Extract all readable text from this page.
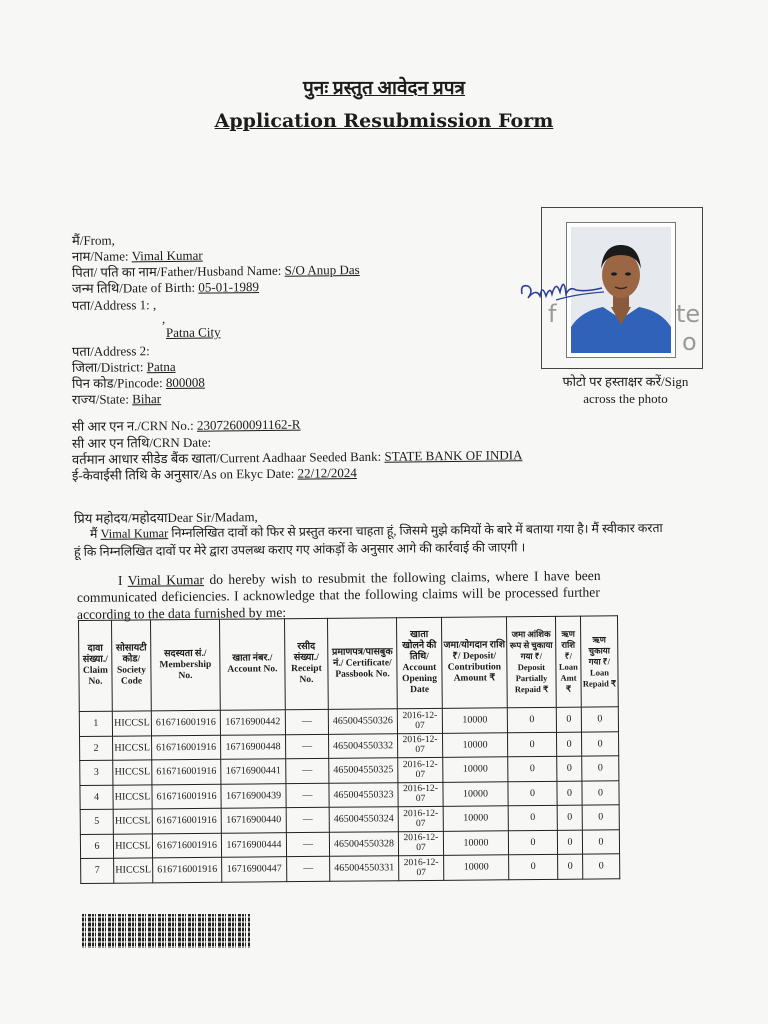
पुनः प्रस्तुत आवेदन प्रपत्र
Application Resubmission Form
मैं/From,
नाम/Name: Vimal Kumar
पिता/ पति का नाम/Father/Husband Name: S/O Anup Das
जन्म तिथि/Date of Birth: 05-01-1989
पता/Address 1: ,
,
Patna City
पता/Address 2:
जिला/District: Patna
पिन कोड/Pincode: 800008
राज्य/State: Bihar
सी आर एन न./CRN No.: 23072600091162-R
सी आर एन तिथि/CRN Date:
वर्तमान आधार सीडेड बैंक खाता/Current Aadhaar Seeded Bank: STATE BANK OF INDIA
ई-केवाईसी तिथि के अनुसार/As on Ekyc Date: 22/12/2024
f	te
o
फोटो पर हस्ताक्षर करें/Sign
across the photo
प्रिय महोदय/महोदयाDear Sir/Madam,
मैं Vimal Kumar निम्नलिखित दावों को फिर से प्रस्तुत करना चाहता हूं, जिसमे मुझे कमियों के बारे में बताया गया है। मैं स्वीकार करता
हूं कि निम्नलिखित दावों पर मेरे द्वारा उपलब्ध कराए गए आंकड़ों के अनुसार आगे की कार्रवाई की जाएगी ।
I Vimal Kumar do hereby wish to resubmit the following claims, where I have been
communicated deficiencies. I acknowledge that the following claims will be processed further
according to the data furnished by me:
दावा संख्या./ Claim No.	सोसायटी कोड/ Society Code	सदस्यता सं./ Membership No.	खाता नंबर./ Account No.	रसीद संख्या./ Receipt No.	प्रमाणपत्र/पासबुक नं./ Certificate/ Passbook No.	खाता खोलने की तिथि/ Account Opening Date	जमा/योगदान राशि ₹/ Deposit/ Contribution Amount ₹	जमा आंशिक रूप से चुकाया गया ₹/ Deposit Partially Repaid ₹	ऋण राशि ₹/ Loan Amt ₹	ऋण चुकाया गया ₹/ Loan Repaid ₹
1	HICCSL	616716001916	16716900442	—	465004550326	2016-12-07	10000	0	0	0
2	HICCSL	616716001916	16716900448	—	465004550332	2016-12-07	10000	0	0	0
3	HICCSL	616716001916	16716900441	—	465004550325	2016-12-07	10000	0	0	0
4	HICCSL	616716001916	16716900439	—	465004550323	2016-12-07	10000	0	0	0
5	HICCSL	616716001916	16716900440	—	465004550324	2016-12-07	10000	0	0	0
6	HICCSL	616716001916	16716900444	—	465004550328	2016-12-07	10000	0	0	0
7	HICCSL	616716001916	16716900447	—	465004550331	2016-12-07	10000	0	0	0
